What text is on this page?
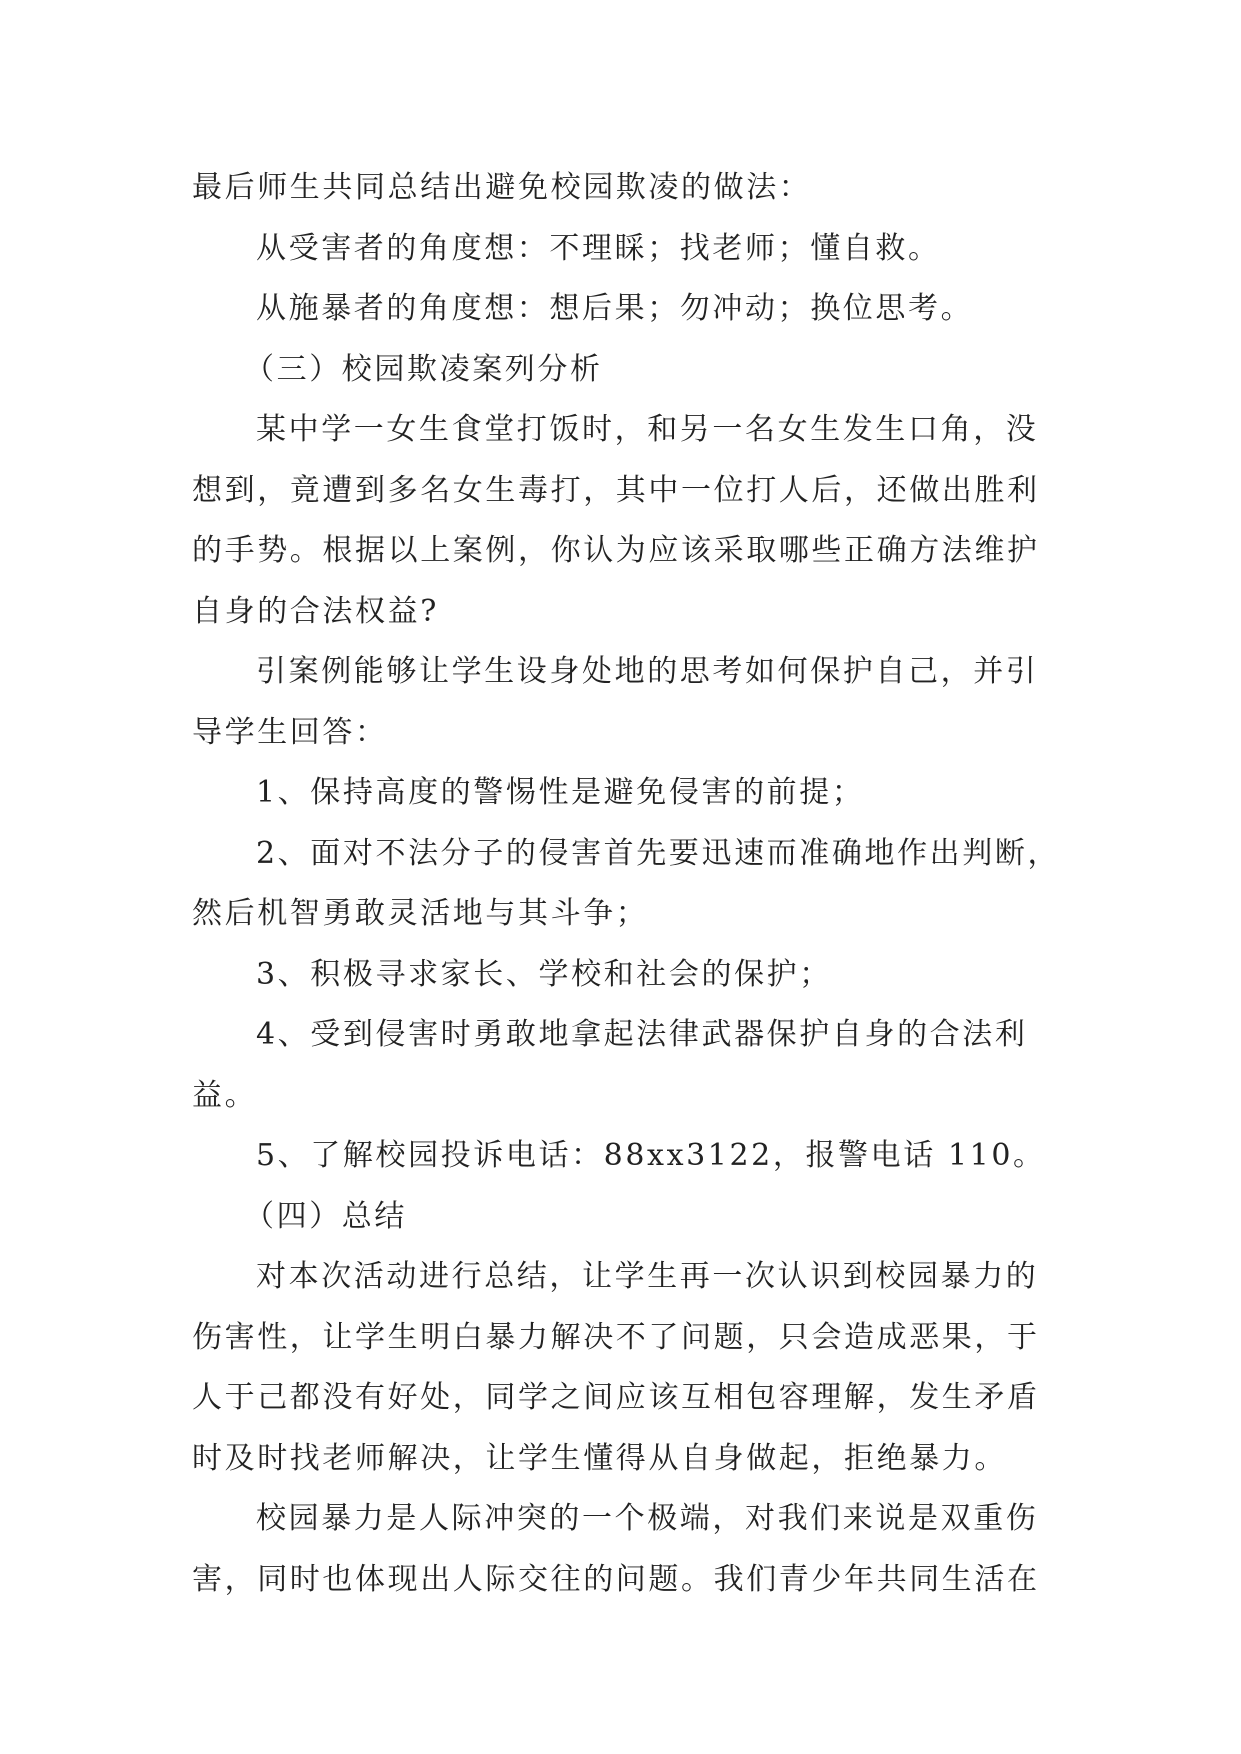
最后师生共同总结出避免校园欺凌的做法：
从受害者的角度想：不理睬；找老师；懂自救。
从施暴者的角度想：想后果；勿冲动；换位思考。
（三）校园欺凌案列分析
某中学一女生食堂打饭时，和另一名女生发生口角，没
想到，竟遭到多名女生毒打，其中一位打人后，还做出胜利
的手势。根据以上案例，你认为应该采取哪些正确方法维护
自身的合法权益?
引案例能够让学生设身处地的思考如何保护自己，并引
导学生回答：
1、保持高度的警惕性是避免侵害的前提；
2、面对不法分子的侵害首先要迅速而准确地作出判断，
然后机智勇敢灵活地与其斗争；
3、积极寻求家长、学校和社会的保护；
4、受到侵害时勇敢地拿起法律武器保护自身的合法利
益。
5、了解校园投诉电话：88xx3122，报警电话 110。
（四）总结
对本次活动进行总结，让学生再一次认识到校园暴力的
伤害性，让学生明白暴力解决不了问题，只会造成恶果，于
人于己都没有好处，同学之间应该互相包容理解，发生矛盾
时及时找老师解决，让学生懂得从自身做起，拒绝暴力。
校园暴力是人际冲突的一个极端，对我们来说是双重伤
害，同时也体现出人际交往的问题。我们青少年共同生活在
